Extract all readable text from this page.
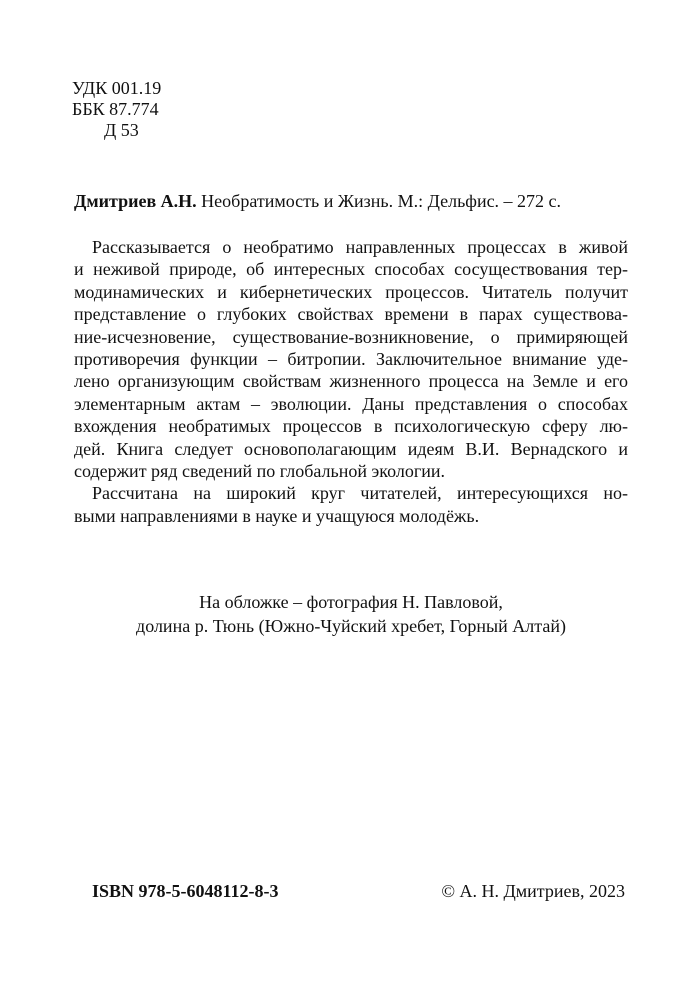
УДК 001.19
ББК 87.774
Д 53
Дмитриев А.Н. Необратимость и Жизнь. М.: Дельфис. – 272 с.
Рассказывается о необратимо направленных процессах в живой
и неживой природе, об интересных способах сосуществования тер-
модинамических и кибернетических процессов. Читатель получит
представление о глубоких свойствах времени в парах существова-
ние-исчезновение, существование-возникновение, о примиряющей
противоречия функции – битропии. Заключительное внимание уде-
лено организующим свойствам жизненного процесса на Земле и его
элементарным актам – эволюции. Даны представления о способах
вхождения необратимых процессов в психологическую сферу лю-
дей. Книга следует основополагающим идеям В.И. Вернадского и
содержит ряд сведений по глобальной экологии.
Рассчитана на широкий круг читателей, интересующихся но-
выми направлениями в науке и учащуюся молодёжь.
На обложке – фотография Н. Павловой,
долина р. Тюнь (Южно-Чуйский хребет, Горный Алтай)
ISBN 978-5-6048112-8-3	© А. Н. Дмитриев, 2023
